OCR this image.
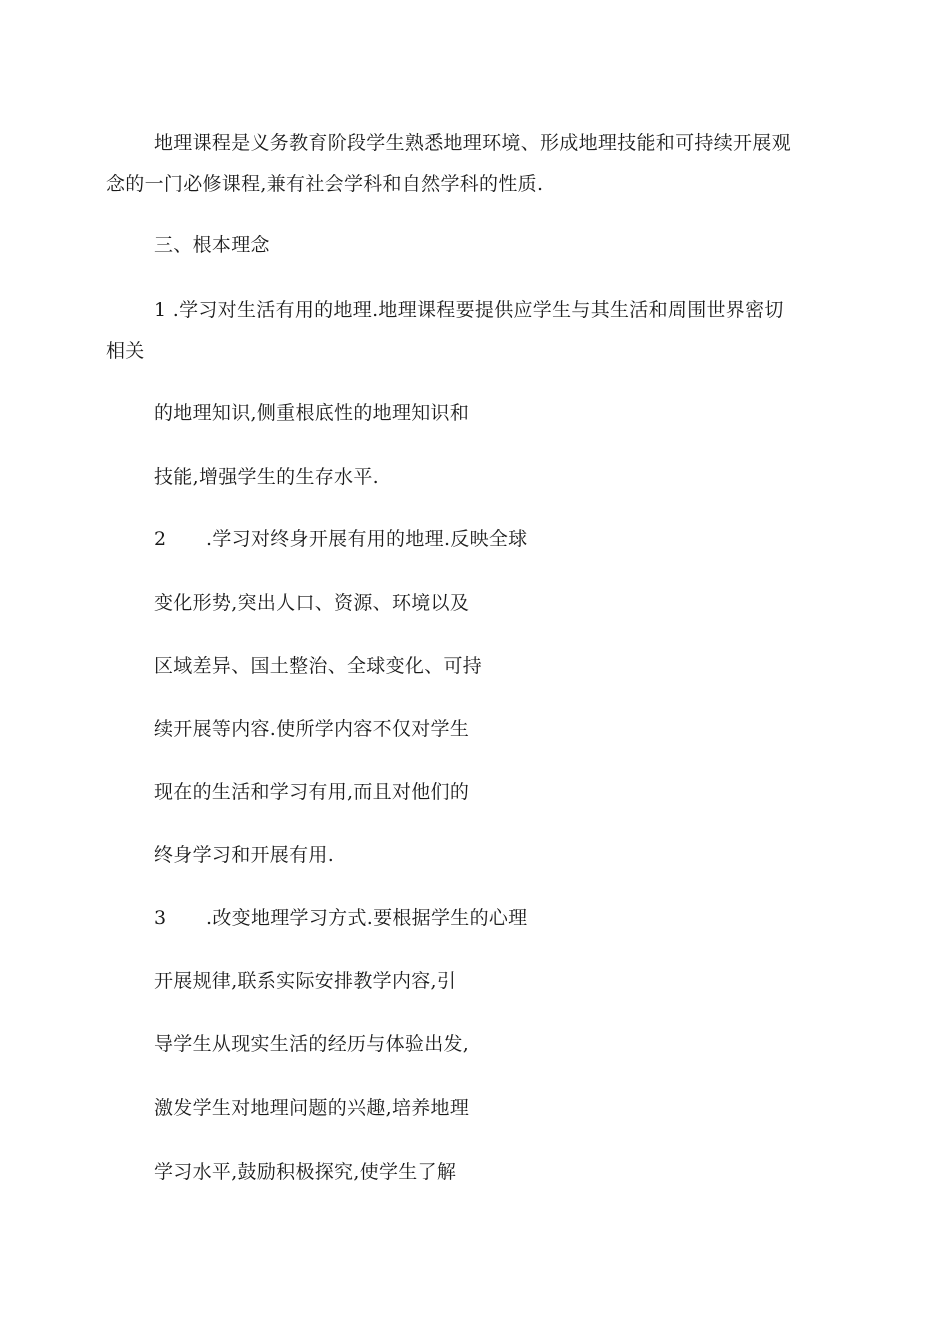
地理课程是义务教育阶段学生熟悉地理环境、形成地理技能和可持续开展观
念的一门必修课程,兼有社会学科和自然学科的性质.
三、根本理念
1 .学习对生活有用的地理.地理课程要提供应学生与其生活和周围世界密切
相关
的地理知识,侧重根底性的地理知识和
技能,增强学生的生存水平.
2 .学习对终身开展有用的地理.反映全球
变化形势,突出人口、资源、环境以及
区域差异、国土整治、全球变化、可持
续开展等内容.使所学内容不仅对学生
现在的生活和学习有用,而且对他们的
终身学习和开展有用.
3 .改变地理学习方式.要根据学生的心理
开展规律,联系实际安排教学内容,引
导学生从现实生活的经历与体验出发,
激发学生对地理问题的兴趣,培养地理
学习水平,鼓励积极探究,使学生了解
